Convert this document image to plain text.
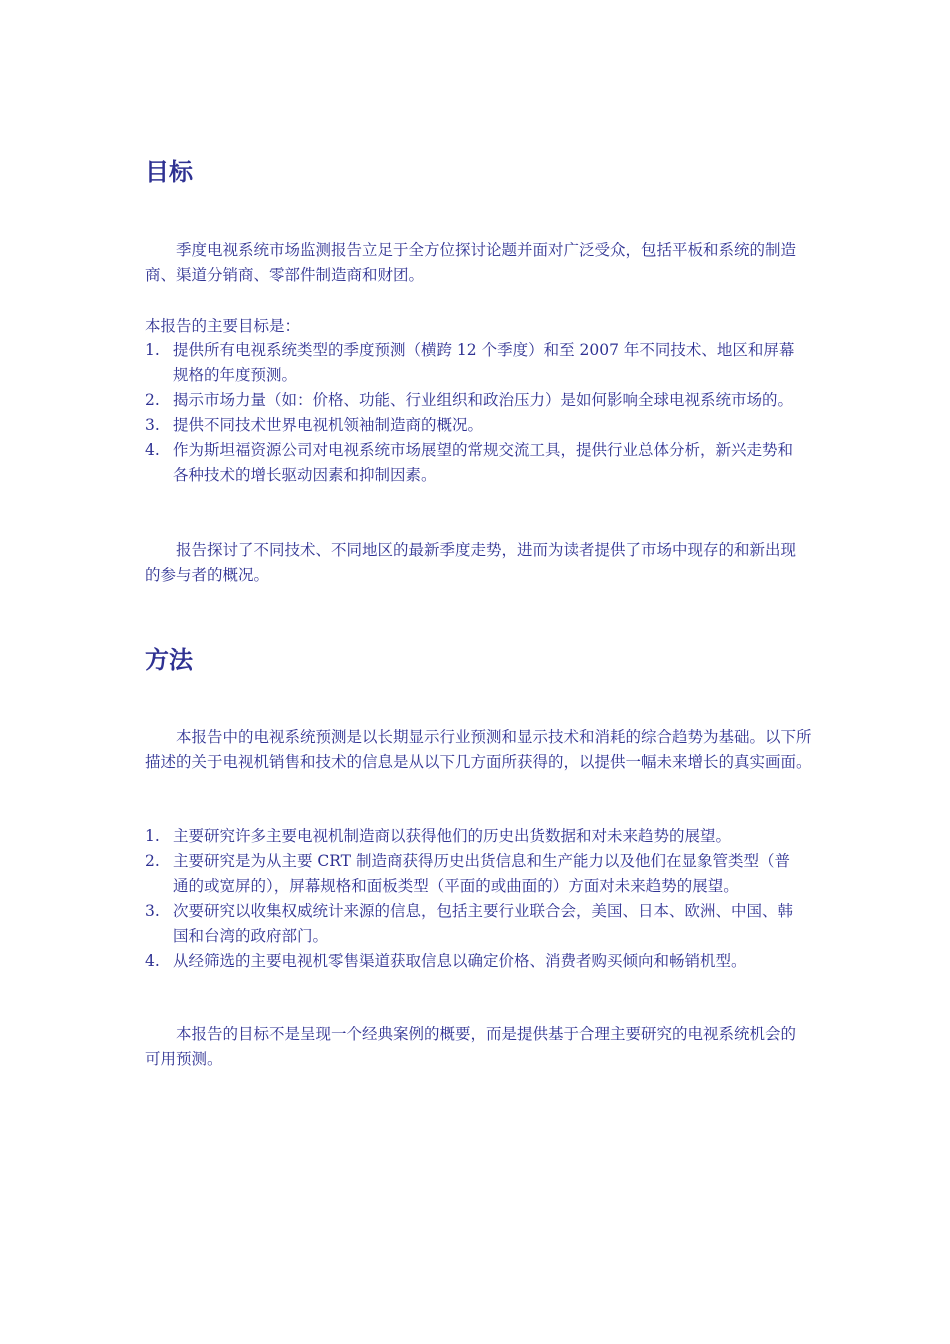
目标

季度电视系统市场监测报告立足于全方位探讨论题并面对广泛受众，包括平板和系统的制造商、渠道分销商、零部件制造商和财团。

本报告的主要目标是：

1. 提供所有电视系统类型的季度预测（横跨 12 个季度）和至 2007 年不同技术、地区和屏幕规格的年度预测。
2. 揭示市场力量（如：价格、功能、行业组织和政治压力）是如何影响全球电视系统市场的。
3. 提供不同技术世界电视机领袖制造商的概况。
4. 作为斯坦福资源公司对电视系统市场展望的常规交流工具，提供行业总体分析，新兴走势和各种技术的增长驱动因素和抑制因素。

报告探讨了不同技术、不同地区的最新季度走势，进而为读者提供了市场中现存的和新出现的参与者的概况。

方法

本报告中的电视系统预测是以长期显示行业预测和显示技术和消耗的综合趋势为基础。以下所描述的关于电视机销售和技术的信息是从以下几方面所获得的，以提供一幅未来增长的真实画面。

1. 主要研究许多主要电视机制造商以获得他们的历史出货数据和对未来趋势的展望。
2. 主要研究是为从主要 CRT 制造商获得历史出货信息和生产能力以及他们在显象管类型（普通的或宽屏的），屏幕规格和面板类型（平面的或曲面的）方面对未来趋势的展望。
3. 次要研究以收集权威统计来源的信息，包括主要行业联合会，美国、日本、欧洲、中国、韩国和台湾的政府部门。
4. 从经筛选的主要电视机零售渠道获取信息以确定价格、消费者购买倾向和畅销机型。

本报告的目标不是呈现一个经典案例的概要，而是提供基于合理主要研究的电视系统机会的可用预测。
